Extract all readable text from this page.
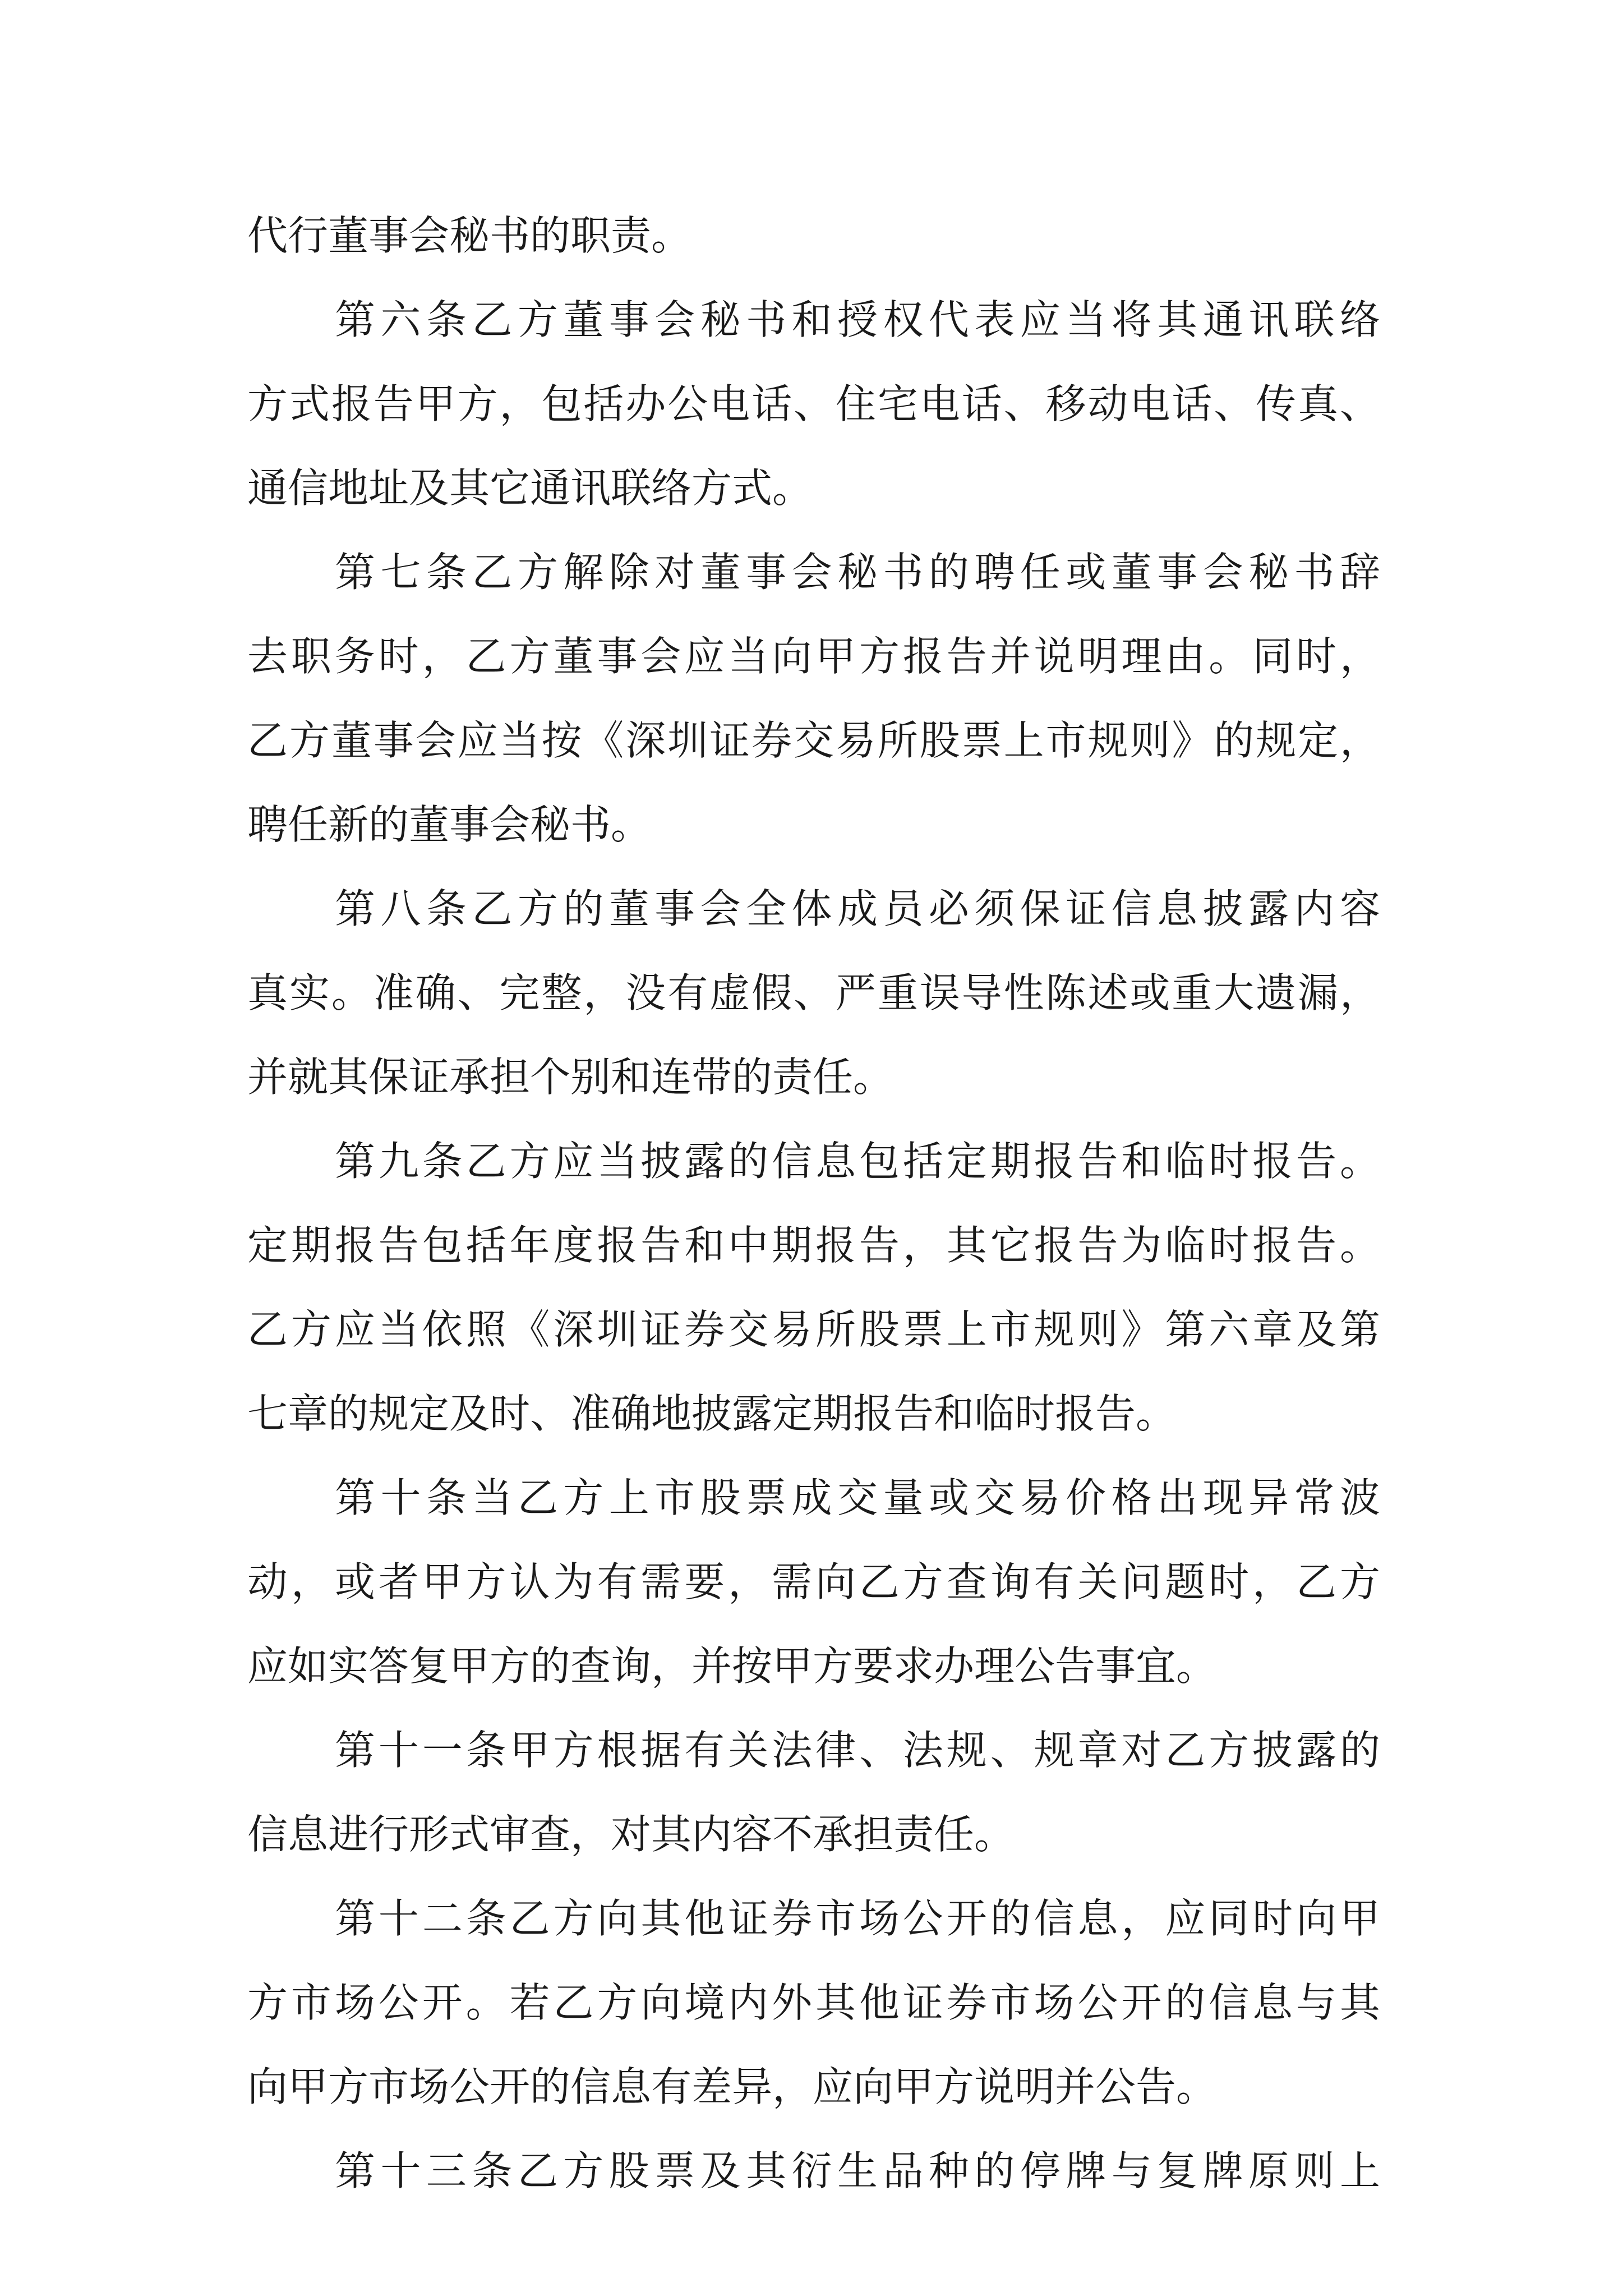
代行董事会秘书的职责。
第六条乙方董事会秘书和授权代表应当将其通讯联络
方式报告甲方，包括办公电话、住宅电话、移动电话、传真、
通信地址及其它通讯联络方式。
第七条乙方解除对董事会秘书的聘任或董事会秘书辞
去职务时，乙方董事会应当向甲方报告并说明理由。同时，
乙方董事会应当按《深圳证券交易所股票上市规则》的规定，
聘任新的董事会秘书。
第八条乙方的董事会全体成员必须保证信息披露内容
真实。准确、完整，没有虚假、严重误导性陈述或重大遗漏，
并就其保证承担个别和连带的责任。
第九条乙方应当披露的信息包括定期报告和临时报告。
定期报告包括年度报告和中期报告，其它报告为临时报告。
乙方应当依照《深圳证券交易所股票上市规则》第六章及第
七章的规定及时、准确地披露定期报告和临时报告。
第十条当乙方上市股票成交量或交易价格出现异常波
动，或者甲方认为有需要，需向乙方查询有关问题时，乙方
应如实答复甲方的查询，并按甲方要求办理公告事宜。
第十一条甲方根据有关法律、法规、规章对乙方披露的
信息进行形式审查，对其内容不承担责任。
第十二条乙方向其他证券市场公开的信息，应同时向甲
方市场公开。若乙方向境内外其他证券市场公开的信息与其
向甲方市场公开的信息有差异，应向甲方说明并公告。
第十三条乙方股票及其衍生品种的停牌与复牌原则上
